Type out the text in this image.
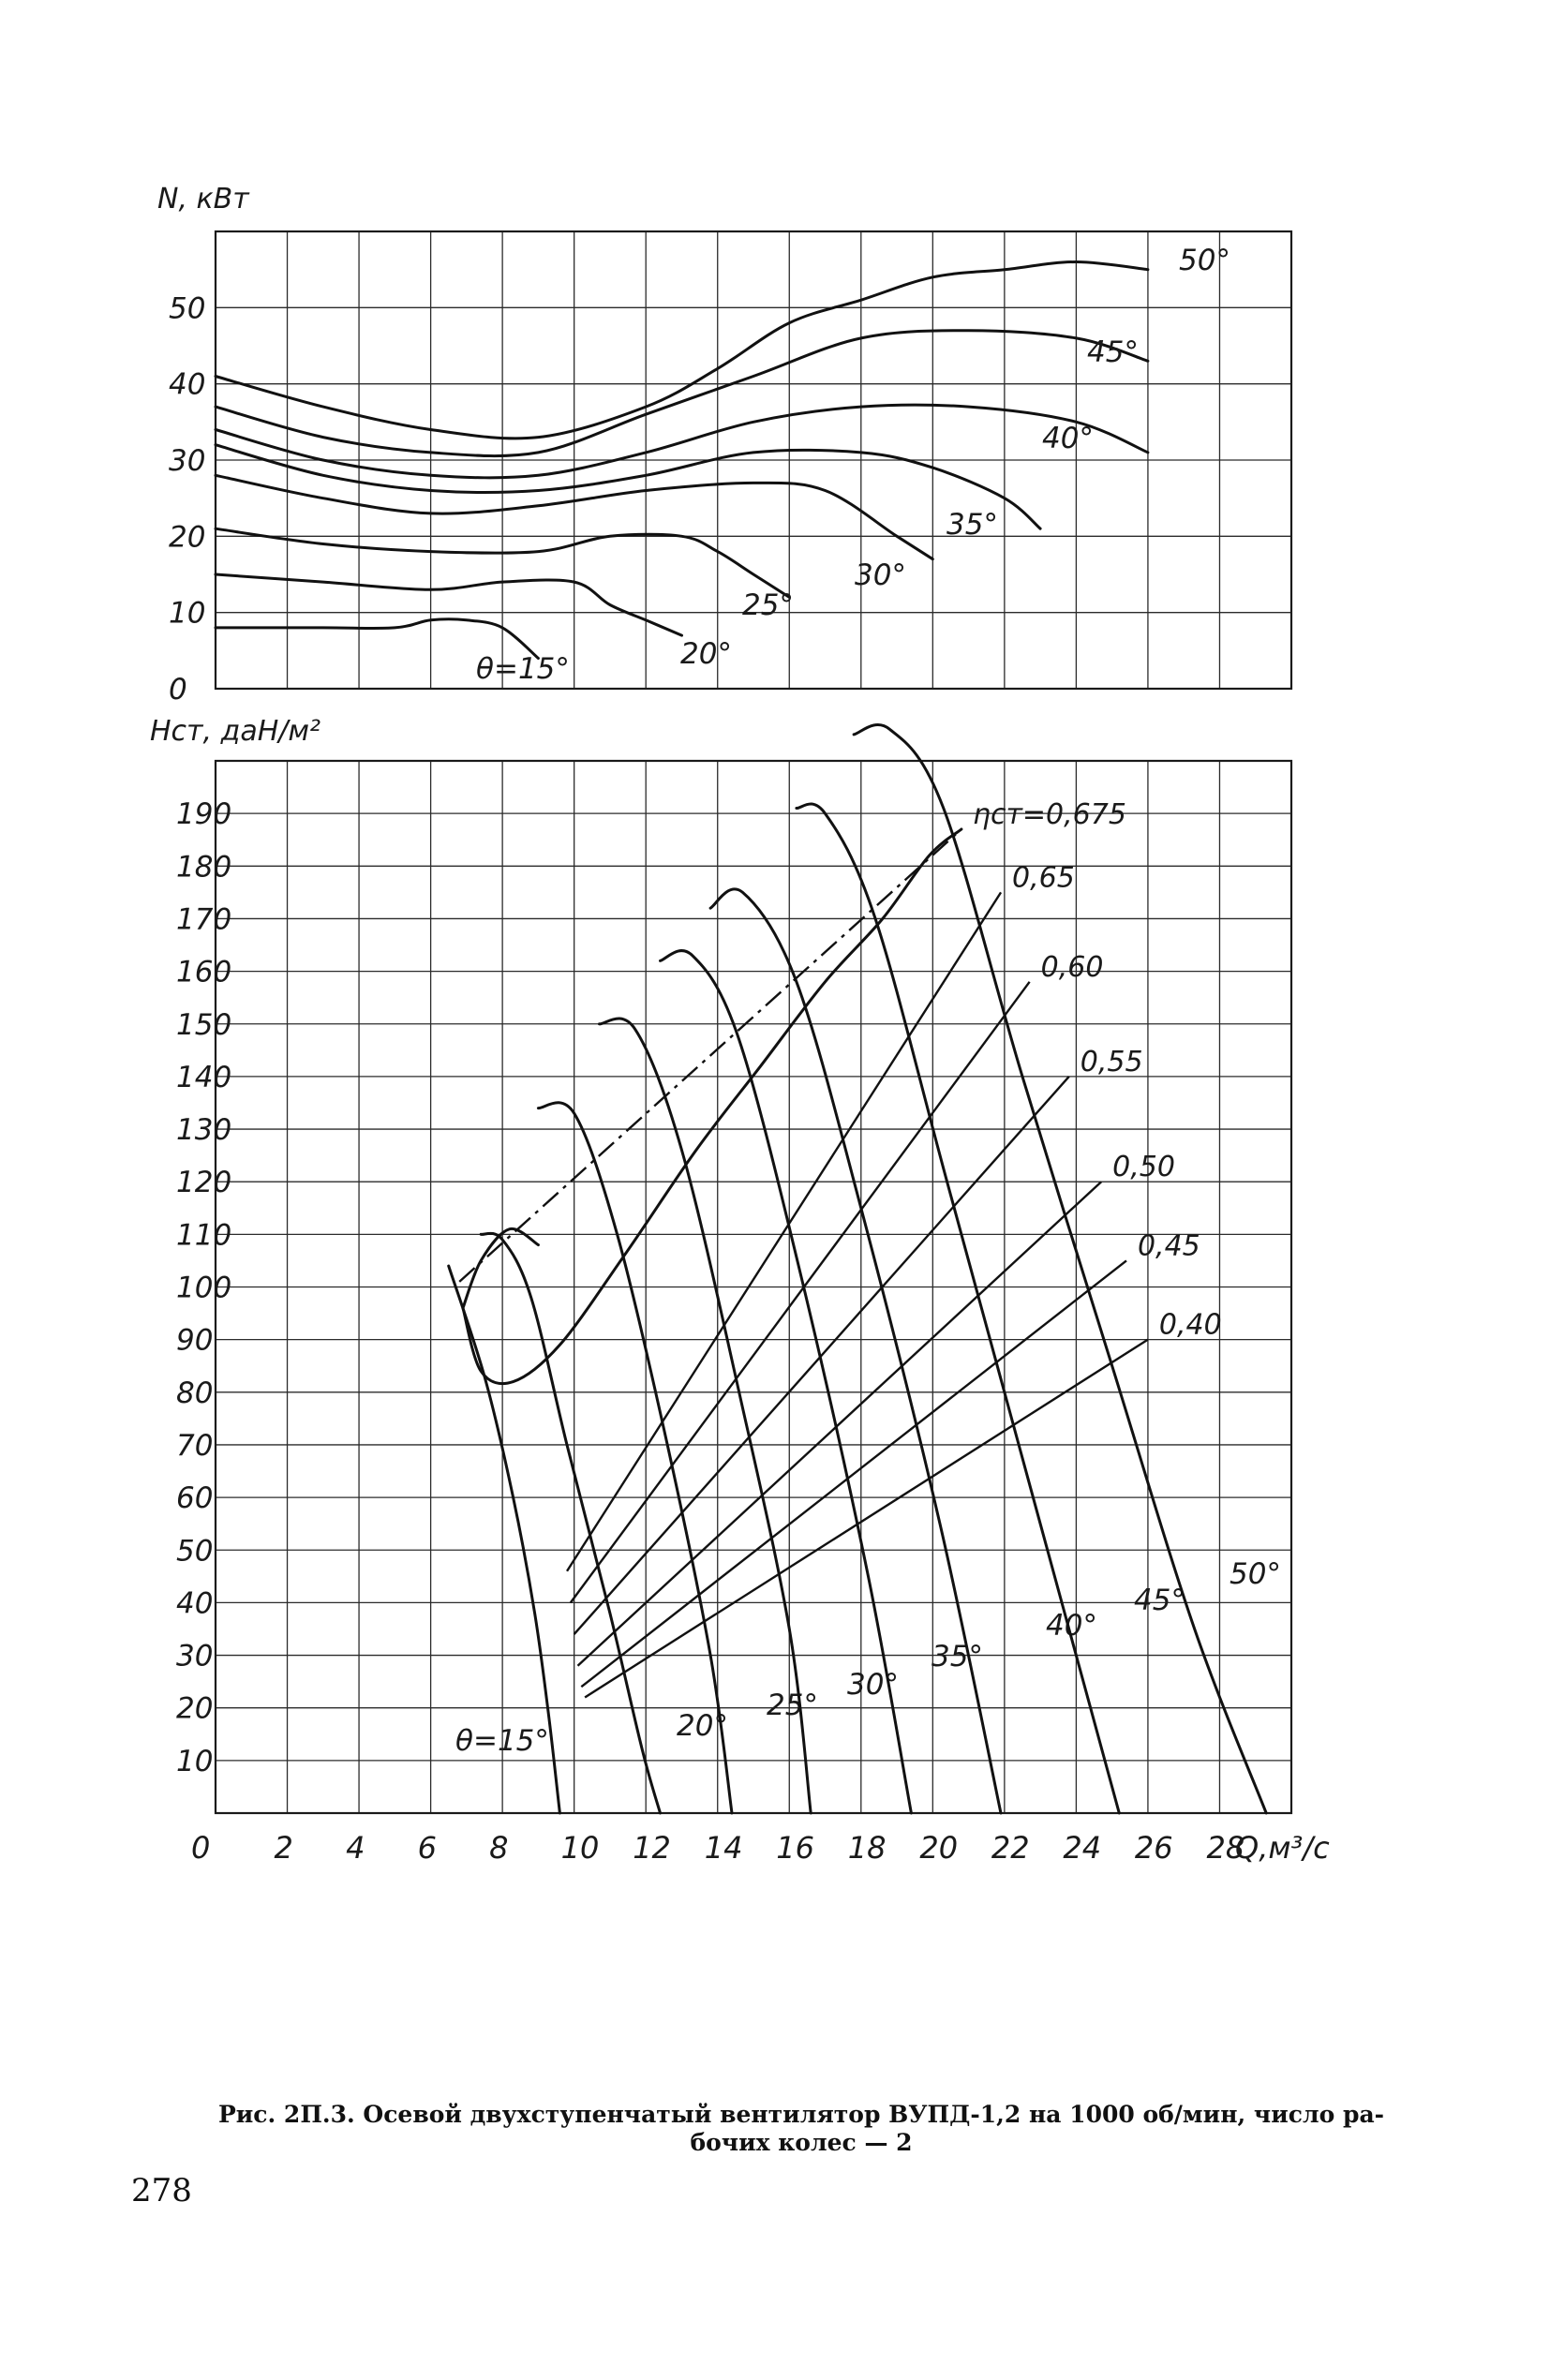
N, кВт
Hст, даН/м²
Q,м³/с
0
10
20
30
40
50
10
20
30
40
50
60
70
80
90
100
110
120
130
140
150
160
170
180
190
0 2 4 6 8 10 12 14 16 18 20 22 24 26 28
50°
45°
40°
35°
30°
25°
20°
θ=15°
θ=15°	20°
25°
30°
35°
40°
45°
50°
ηст=0,675
0,65
0,60
0,55
0,50
0,45
0,40
Рис. 2П.3. Осевой двухступенчатый вентилятор ВУПД-1,2 на 1000 об/мин, число ра-
бочих колес — 2
278
